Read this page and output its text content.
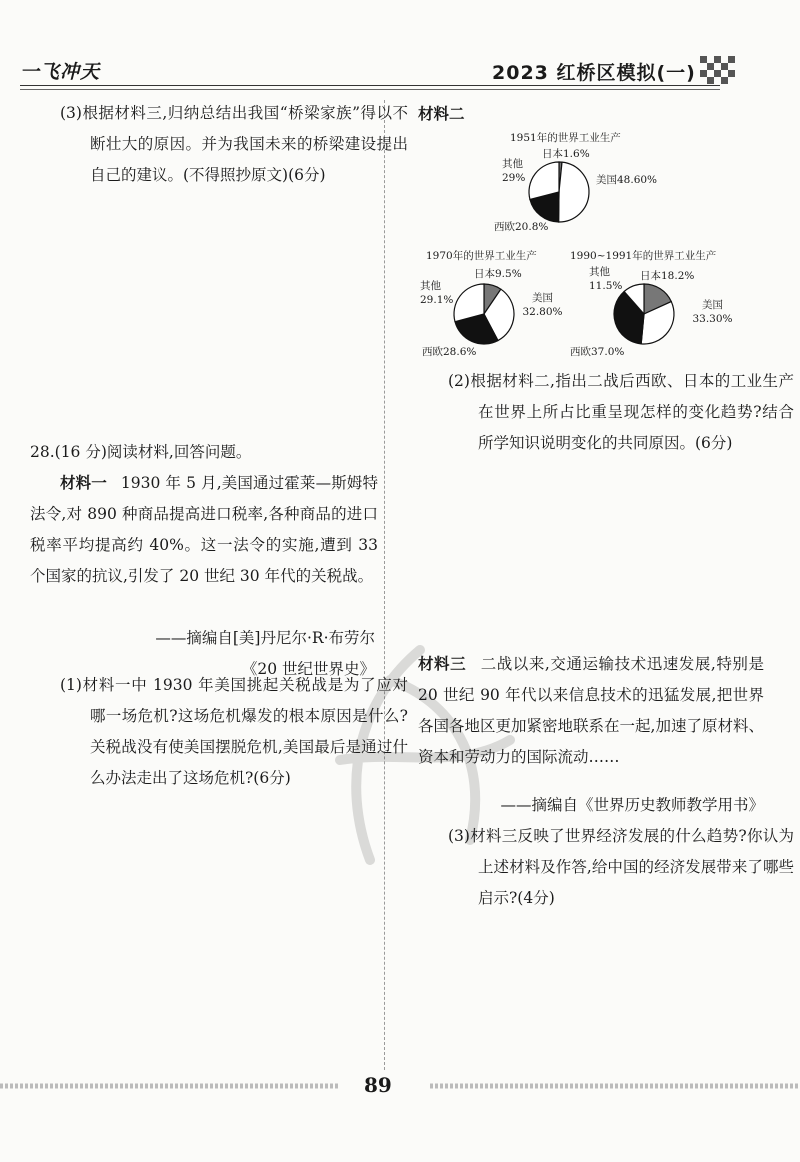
一飞冲天	2023 红桥区模拟(一)
(3)根据材料三,归纳总结出我国“桥梁家族”得以不断壮大的原因。并为我国未来的桥梁建设提出自己的建议。(不得照抄原文)(6分)
28.(16 分)阅读材料,回答问题。
材料一 1930 年 5 月,美国通过霍莱—斯姆特法令,对 890 种商品提高进口税率,各种商品的进口税率平均提高约 40%。这一法令的实施,遭到 33 个国家的抗议,引发了 20 世纪 30 年代的关税战。
——摘编自[美]丹尼尔·R·布劳尔
《20 世纪世界史》
(1)材料一中 1930 年美国挑起关税战是为了应对哪一场危机?这场危机爆发的根本原因是什么?关税战没有使美国摆脱危机,美国最后是通过什么办法走出了这场危机?(6分)
材料二
1951年的世界工业生产
日本1.6%
美国48.60%
西欧20.8%
其他29%
1970年的世界工业生产
日本9.5%
美国32.80%
西欧28.6%
其他29.1%
1990~1991年的世界工业生产
日本18.2%
美国33.30%
西欧37.0%
其他11.5%
(2)根据材料二,指出二战后西欧、日本的工业生产在世界上所占比重呈现怎样的变化趋势?结合所学知识说明变化的共同原因。(6分)
材料三 二战以来,交通运输技术迅速发展,特别是 20 世纪 90 年代以来信息技术的迅猛发展,把世界各国各地区更加紧密地联系在一起,加速了原材料、资本和劳动力的国际流动……
——摘编自《世界历史教师教学用书》
(3)材料三反映了世界经济发展的什么趋势?你认为上述材料及作答,给中国的经济发展带来了哪些启示?(4分)
89
